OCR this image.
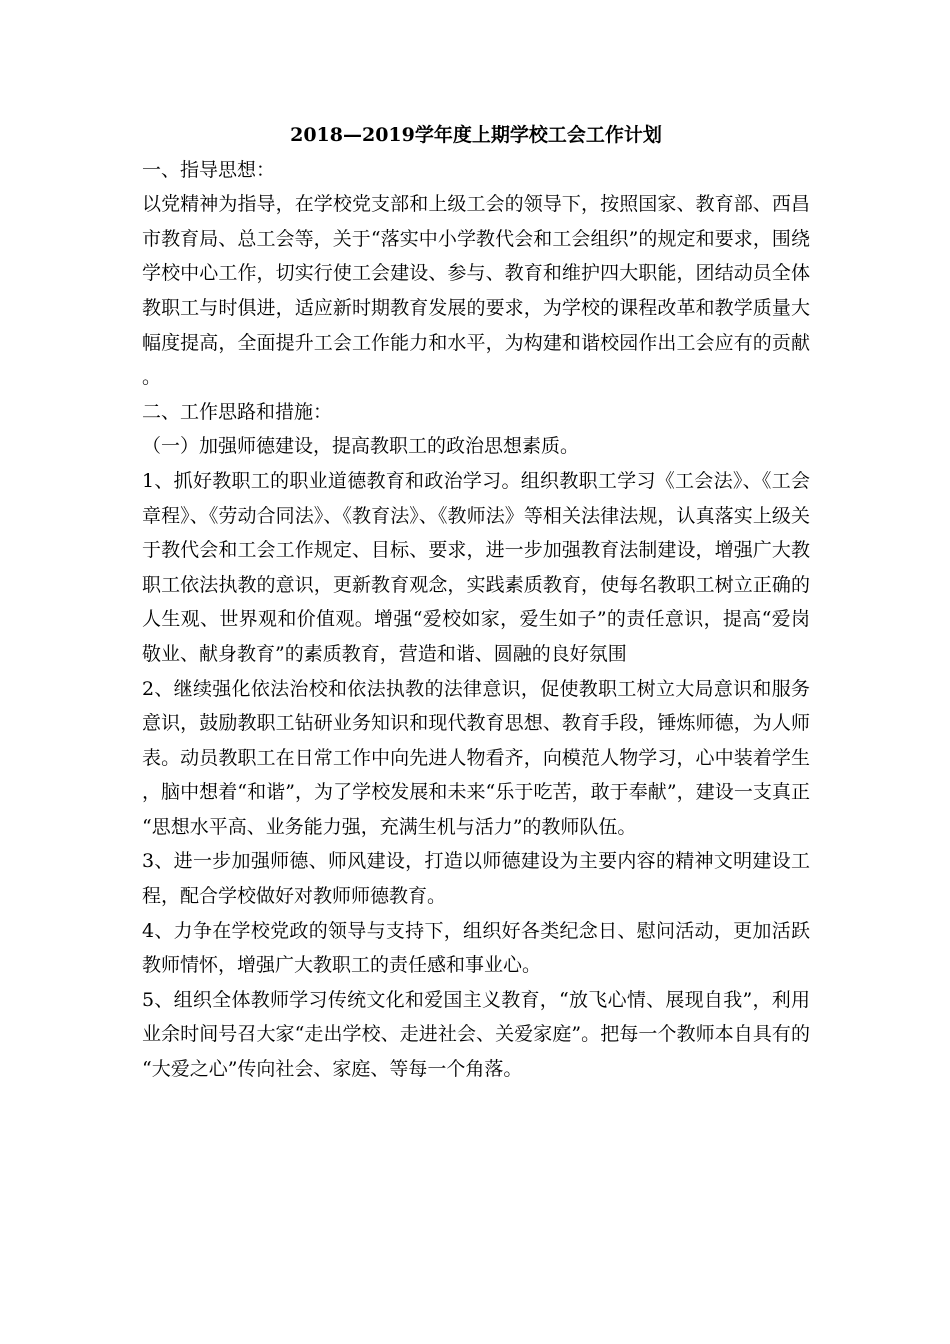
2018—2019学年度上期学校工会工作计划

一、指导思想：

以党精神为指导，在学校党支部和上级工会的领导下，按照国家、教育部、西昌市教育局、总工会等，关于“落实中小学教代会和工会组织”的规定和要求，围绕学校中心工作，切实行使工会建设、参与、教育和维护四大职能，团结动员全体教职工与时俱进，适应新时期教育发展的要求，为学校的课程改革和教学质量大幅度提高，全面提升工会工作能力和水平，为构建和谐校园作出工会应有的贡献。

二、工作思路和措施：

（一）加强师德建设，提高教职工的政治思想素质。

1、抓好教职工的职业道德教育和政治学习。组织教职工学习《工会法》、《工会章程》、《劳动合同法》、《教育法》、《教师法》等相关法律法规，认真落实上级关于教代会和工会工作规定、目标、要求，进一步加强教育法制建设，增强广大教职工依法执教的意识，更新教育观念，实践素质教育，使每名教职工树立正确的人生观、世界观和价值观。增强“爱校如家，爱生如子”的责任意识，提高“爱岗敬业、献身教育”的素质教育，营造和谐、圆融的良好氛围

2、继续强化依法治校和依法执教的法律意识，促使教职工树立大局意识和服务意识，鼓励教职工钻研业务知识和现代教育思想、教育手段，锤炼师德，为人师表。动员教职工在日常工作中向先进人物看齐，向模范人物学习，心中装着学生，脑中想着“和谐”，为了学校发展和未来“乐于吃苦，敢于奉献”，建设一支真正“思想水平高、业务能力强，充满生机与活力”的教师队伍。

3、进一步加强师德、师风建设，打造以师德建设为主要内容的精神文明建设工程，配合学校做好对教师师德教育。

4、力争在学校党政的领导与支持下，组织好各类纪念日、慰问活动，更加活跃教师情怀，增强广大教职工的责任感和事业心。

5、组织全体教师学习传统文化和爱国主义教育，“放飞心情、展现自我”，利用业余时间号召大家“走出学校、走进社会、关爱家庭”。把每一个教师本自具有的“大爱之心”传向社会、家庭、等每一个角落。
